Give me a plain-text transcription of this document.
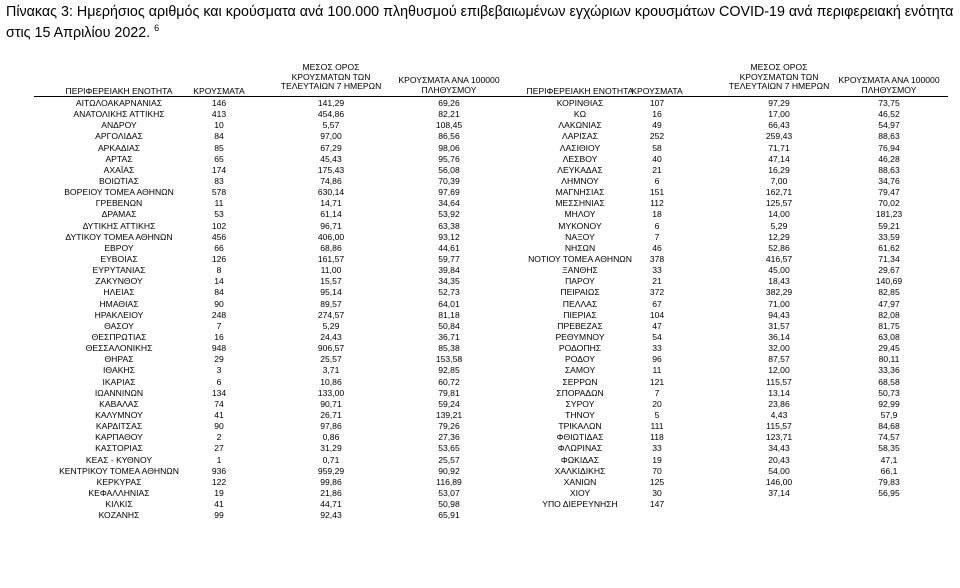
Πίνακας 3: Ημερήσιος αριθμός και κρούσματα ανά 100.000 πληθυσμού επιβεβαιωμένων εγχώριων κρουσμάτων COVID-19 ανά περιφερειακή ενότητα στις 15 Απριλίου 2022. $^6$
ΠΕΡΙΦΕΡΕΙΑΚΗ ΕΝΟΤΗΤΑ	ΚΡΟΥΣΜΑΤΑ
ΜΕΣΟΣ ΟΡΟΣ ΚΡΟΥΣΜΑΤΩΝ ΤΩΝ ΤΕΛΕΥΤΑΙΩΝ 7 ΗΜΕΡΩΝ
ΚΡΟΥΣΜΑΤΑ ΑΝΑ 100000 ΠΛΗΘΥΣΜΟΥ	ΠΕΡΙΦΕΡΕΙΑΚΗ ΕΝΟΤΗΤΑ
ΚΡΟΥΣΜΑΤΑ
ΜΕΣΟΣ ΟΡΟΣ ΚΡΟΥΣΜΑΤΩΝ ΤΩΝ ΤΕΛΕΥΤΑΙΩΝ 7 ΗΜΕΡΩΝ
ΚΡΟΥΣΜΑΤΑ ΑΝΑ 100000 ΠΛΗΘΥΣΜΟΥ
ΑΙΤΩΛΟΑΚΑΡΝΑΝΙΑΣ
ΑΝΑΤΟΛΙΚΗΣ ΑΤΤΙΚΗΣ
ΑΝΔΡΟΥ
ΑΡΓΟΛΙΔΑΣ
ΑΡΚΑΔΙΑΣ
ΑΡΤΑΣ
ΑΧΑΪΑΣ
ΒΟΙΩΤΙΑΣ
ΒΟΡΕΙΟΥ ΤΟΜΕΑ ΑΘΗΝΩΝ
ΓΡΕΒΕΝΩΝ
ΔΡΑΜΑΣ
ΔΥΤΙΚΗΣ ΑΤΤΙΚΗΣ
ΔΥΤΙΚΟΥ ΤΟΜΕΑ ΑΘΗΝΩΝ
ΕΒΡΟΥ
ΕΥΒΟΙΑΣ
ΕΥΡΥΤΑΝΙΑΣ
ΖΑΚΥΝΘΟΥ
ΗΛΕΙΑΣ
ΗΜΑΘΙΑΣ
ΗΡΑΚΛΕΙΟΥ
ΘΑΣΟΥ
ΘΕΣΠΡΩΤΙΑΣ
ΘΕΣΣΑΛΟΝΙΚΗΣ
ΘΗΡΑΣ
ΙΘΑΚΗΣ
ΙΚΑΡΙΑΣ
ΙΩΑΝΝΙΝΩΝ
ΚΑΒΑΛΑΣ
ΚΑΛΥΜΝΟΥ
ΚΑΡΔΙΤΣΑΣ
ΚΑΡΠΑΘΟΥ
ΚΑΣΤΟΡΙΑΣ
ΚΕΑΣ - ΚΥΘΝΟΥ
ΚΕΝΤΡΙΚΟΥ ΤΟΜΕΑ ΑΘΗΝΩΝ
ΚΕΡΚΥΡΑΣ
ΚΕΦΑΛΛΗΝΙΑΣ
ΚΙΛΚΙΣ
ΚΟΖΑΝΗΣ
146
413
10
84
85
65
174
83
578
11
53
102
456
66
126
8
14
84
90
248
7
16
948
29
3
6
134
74
41
90
2
27
1
936
122
19
41
99
141,29
454,86
5,57
97,00
67,29
45,43
175,43
74,86
630,14
14,71
61,14
96,71
406,00
68,86
161,57
11,00
15,57
95,14
89,57
274,57
5,29
24,43
906,57
25,57
3,71
10,86
133,00
90,71
26,71
97,86
0,86
31,29
0,71
959,29
99,86
21,86
44,71
92,43
69,26
82,21
108,45
86,56
98,06
95,76
56,08
70,39
97,69
34,64
53,92
63,38
93,12
44,61
59,77
39,84
34,35
52,73
64,01
81,18
50,84
36,71
85,38
153,58
92,85
60,72
79,81
59,24
139,21
79,26
27,36
53,65
25,57
90,92
116,89
53,07
50,98
65,91
ΚΟΡΙΝΘΙΑΣ
ΚΩ
ΛΑΚΩΝΙΑΣ
ΛΑΡΙΣΑΣ
ΛΑΣΙΘΙΟΥ
ΛΕΣΒΟΥ
ΛΕΥΚΑΔΑΣ
ΛΗΜΝΟΥ
ΜΑΓΝΗΣΙΑΣ
ΜΕΣΣΗΝΙΑΣ
ΜΗΛΟΥ
ΜΥΚΟΝΟΥ
ΝΑΞΟΥ
ΝΗΣΩΝ
ΝΟΤΙΟΥ ΤΟΜΕΑ ΑΘΗΝΩΝ
ΞΑΝΘΗΣ
ΠΑΡΟΥ
ΠΕΙΡΑΙΩΣ
ΠΕΛΛΑΣ
ΠΙΕΡΙΑΣ
ΠΡΕΒΕΖΑΣ
ΡΕΘΥΜΝΟΥ
ΡΟΔΟΠΗΣ
ΡΟΔΟΥ
ΣΑΜΟΥ
ΣΕΡΡΩΝ
ΣΠΟΡΑΔΩΝ
ΣΥΡΟΥ
ΤΗΝΟΥ
ΤΡΙΚΑΛΩΝ
ΦΘΙΩΤΙΔΑΣ
ΦΛΩΡΙΝΑΣ
ΦΩΚΙΔΑΣ
ΧΑΛΚΙΔΙΚΗΣ
ΧΑΝΙΩΝ
ΧΙΟΥ
ΥΠΟ ΔΙΕΡΕΥΝΗΣΗ
107
16
49
252
58
40
21
6
151
112
18
6
7
46
378
33
21
372
67
104
47
54
33
96
11
121
7
20
5
111
118
33
19
70
125
30
147
97,29
17,00
66,43
259,43
71,71
47,14
16,29
7,00
162,71
125,57
14,00
5,29
12,29
52,86
416,57
45,00
18,43
382,29
71,00
94,43
31,57
36,14
32,00
87,57
12,00
115,57
13,14
23,86
4,43
115,57
123,71
34,43
20,43
54,00
146,00
37,14
73,75
46,52
54,97
88,63
76,94
46,28
88,63
34,76
79,47
70,02
181,23
59,21
33,59
61,62
71,34
29,67
140,69
82,85
47,97
82,08
81,75
63,08
29,45
80,11
33,36
68,58
50,73
92,99
57,9
84,68
74,57
58,35
47,1
66,1
79,83
56,95
